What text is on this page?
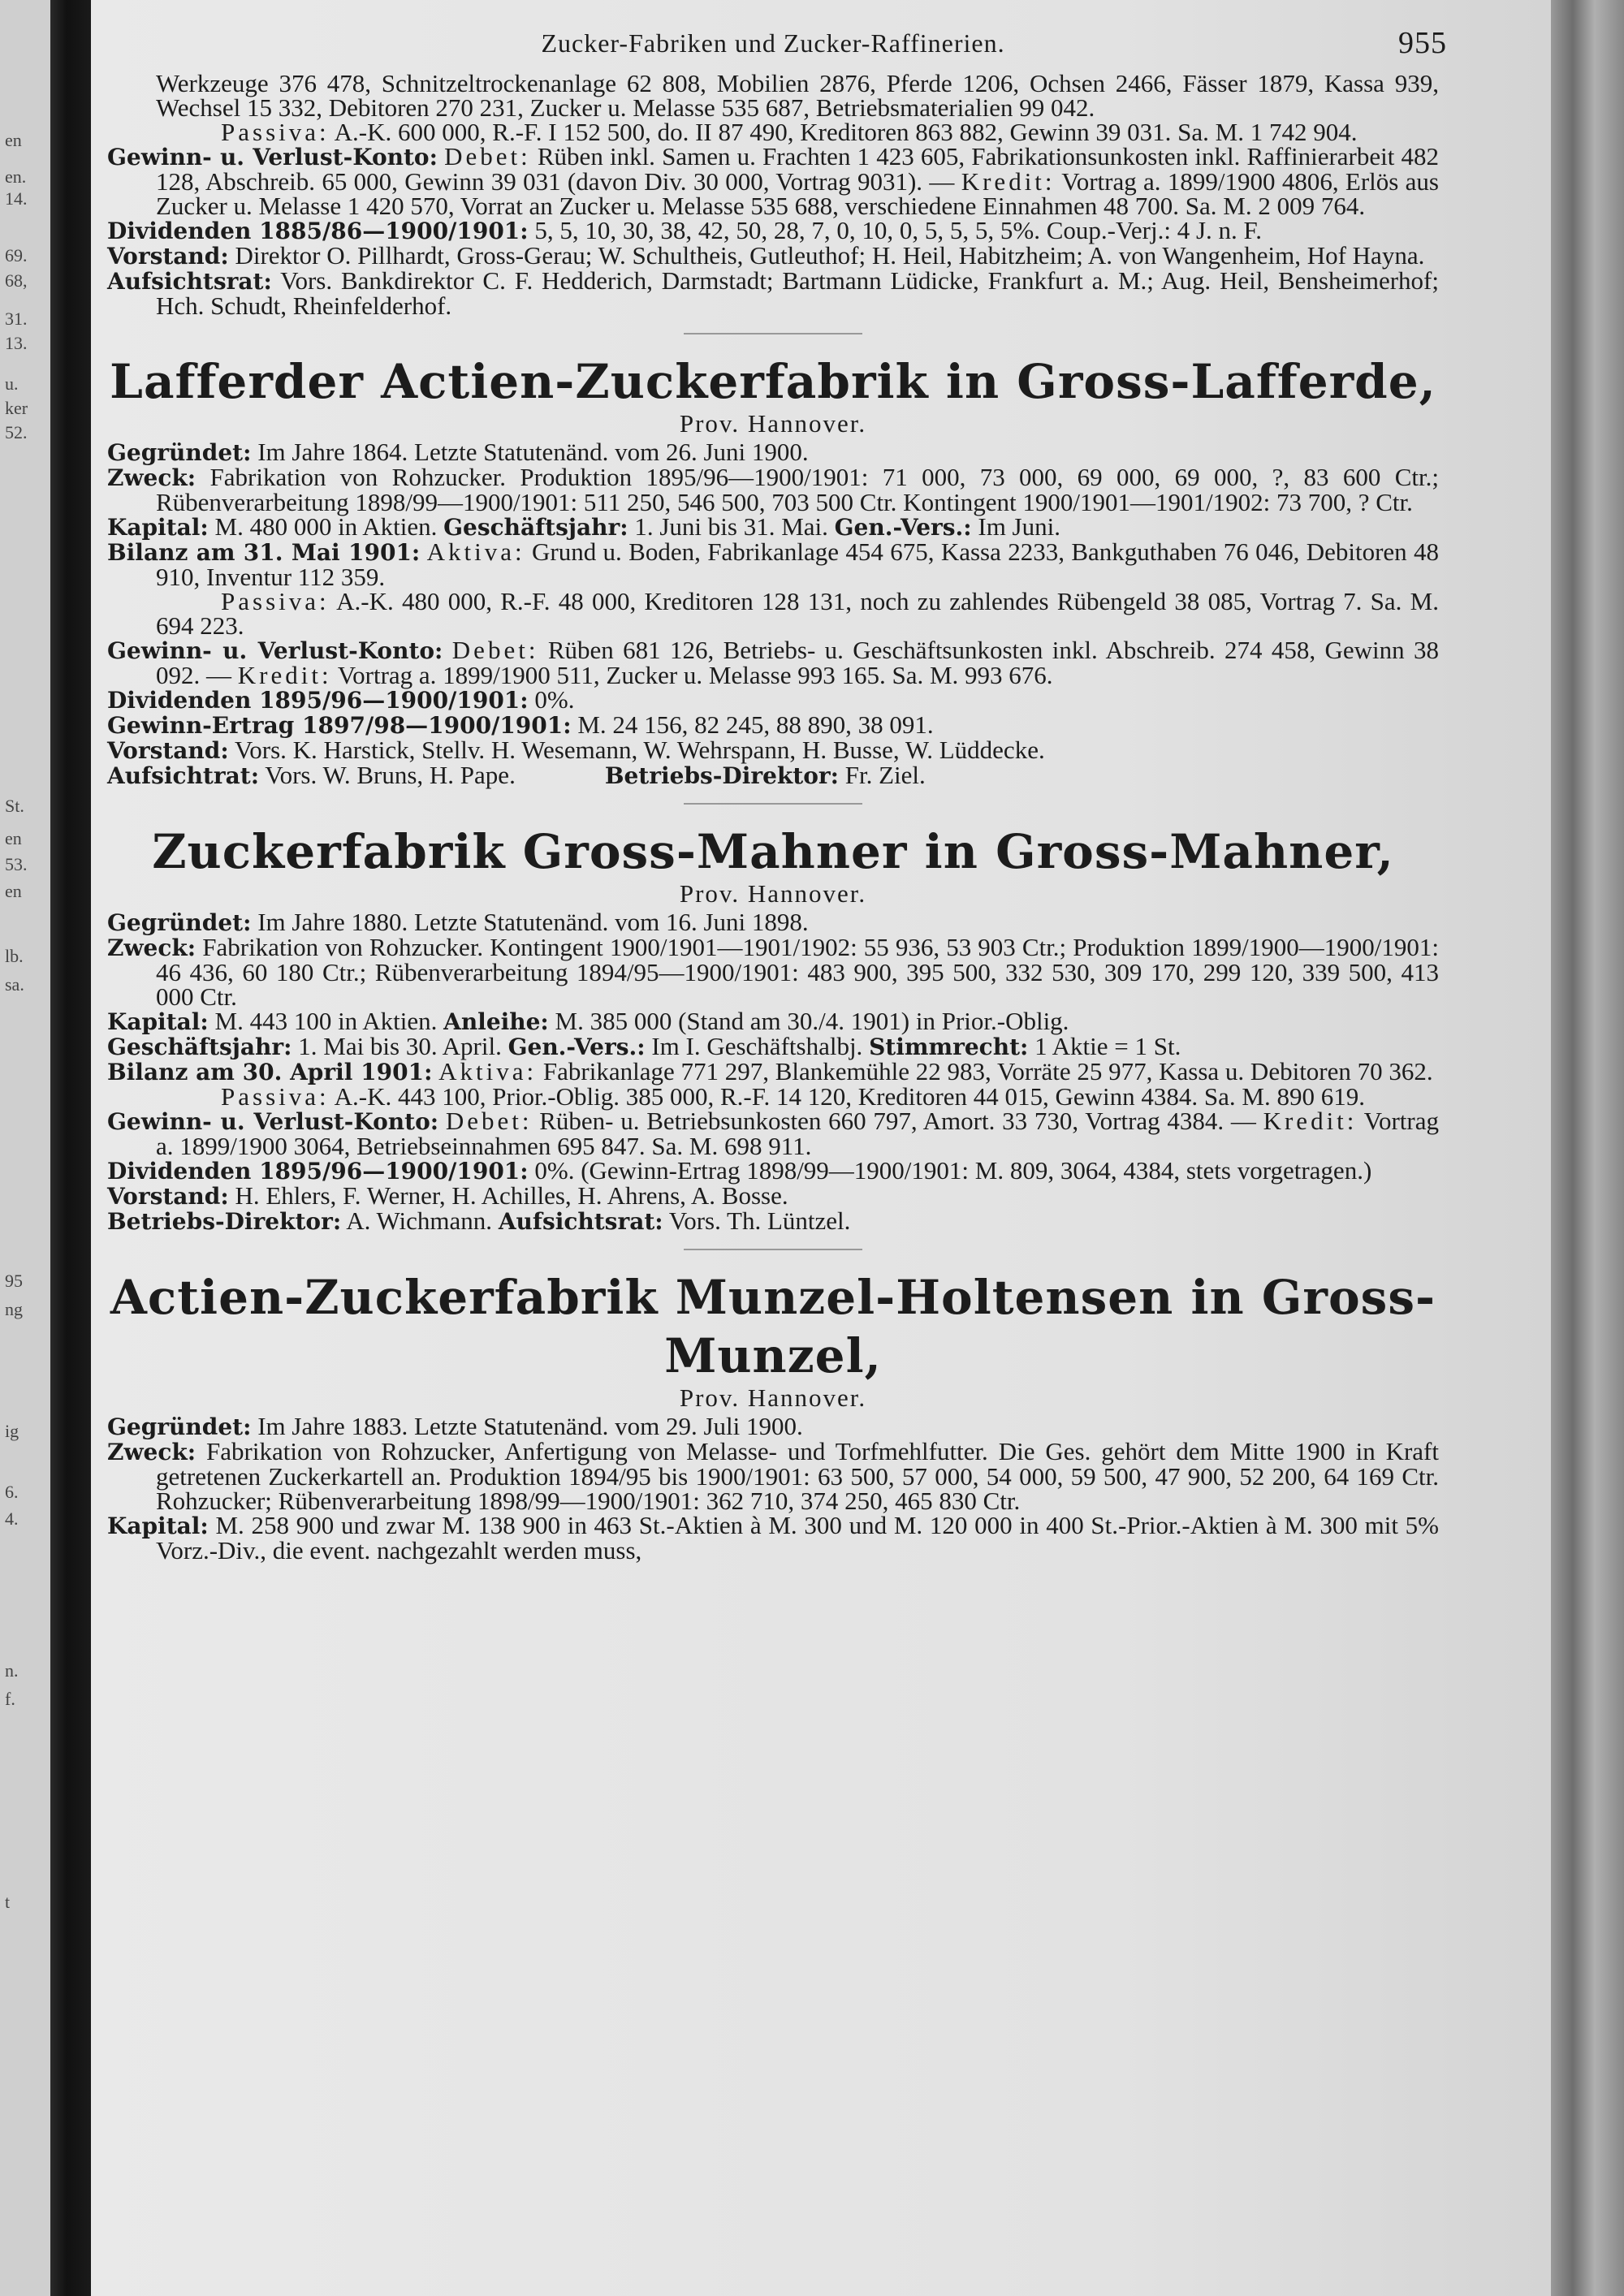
en
en.
14.
69.
68,
31.
13.
u.
ker
52.
St.
en
53.
en
lb.
sa.
95
ng
ig
6.
4.
n.
f.
t
Zucker-Fabriken und Zucker-Raffinerien.	955

Werkzeuge 376 478, Schnitzeltrockenanlage 62 808, Mobilien 2876, Pferde 1206, Ochsen 2466, Fässer 1879, Kassa 939, Wechsel 15 332, Debitoren 270 231, Zucker u. Melasse 535 687, Betriebsmaterialien 99 042.

Passiva: A.-K. 600 000, R.-F. I 152 500, do. II 87 490, Kreditoren 863 882, Gewinn 39 031. Sa. M. 1 742 904.

Gewinn- u. Verlust-Konto: Debet: Rüben inkl. Samen u. Frachten 1 423 605, Fabrikationsunkosten inkl. Raffinierarbeit 482 128, Abschreib. 65 000, Gewinn 39 031 (davon Div. 30 000, Vortrag 9031). — Kredit: Vortrag a. 1899/1900 4806, Erlös aus Zucker u. Melasse 1 420 570, Vorrat an Zucker u. Melasse 535 688, verschiedene Einnahmen 48 700. Sa. M. 2 009 764.

Dividenden 1885/86—1900/1901: 5, 5, 10, 30, 38, 42, 50, 28, 7, 0, 10, 0, 5, 5, 5, 5%. Coup.-Verj.: 4 J. n. F.

Vorstand: Direktor O. Pillhardt, Gross-Gerau; W. Schultheis, Gutleuthof; H. Heil, Habitzheim; A. von Wangenheim, Hof Hayna.

Aufsichtsrat: Vors. Bankdirektor C. F. Hedderich, Darmstadt; Bartmann Lüdicke, Frankfurt a. M.; Aug. Heil, Bensheimerhof; Hch. Schudt, Rheinfelderhof.

Lafferder Actien-Zuckerfabrik in Gross-Lafferde,
Prov. Hannover.

Gegründet: Im Jahre 1864. Letzte Statutenänd. vom 26. Juni 1900.

Zweck: Fabrikation von Rohzucker. Produktion 1895/96—1900/1901: 71 000, 73 000, 69 000, 69 000, ?, 83 600 Ctr.; Rübenverarbeitung 1898/99—1900/1901: 511 250, 546 500, 703 500 Ctr. Kontingent 1900/1901—1901/1902: 73 700, ? Ctr.

Kapital: M. 480 000 in Aktien. Geschäftsjahr: 1. Juni bis 31. Mai. Gen.-Vers.: Im Juni.

Bilanz am 31. Mai 1901: Aktiva: Grund u. Boden, Fabrikanlage 454 675, Kassa 2233, Bankguthaben 76 046, Debitoren 48 910, Inventur 112 359.

Passiva: A.-K. 480 000, R.-F. 48 000, Kreditoren 128 131, noch zu zahlendes Rübengeld 38 085, Vortrag 7. Sa. M. 694 223.

Gewinn- u. Verlust-Konto: Debet: Rüben 681 126, Betriebs- u. Geschäftsunkosten inkl. Abschreib. 274 458, Gewinn 38 092. — Kredit: Vortrag a. 1899/1900 511, Zucker u. Melasse 993 165. Sa. M. 993 676.

Dividenden 1895/96—1900/1901: 0%.

Gewinn-Ertrag 1897/98—1900/1901: M. 24 156, 82 245, 88 890, 38 091.

Vorstand: Vors. K. Harstick, Stellv. H. Wesemann, W. Wehrspann, H. Busse, W. Lüddecke.

Aufsichtrat: Vors. W. Bruns, H. Pape.	Betriebs-Direktor: Fr. Ziel.

Zuckerfabrik Gross-Mahner in Gross-Mahner,
Prov. Hannover.

Gegründet: Im Jahre 1880. Letzte Statutenänd. vom 16. Juni 1898.

Zweck: Fabrikation von Rohzucker. Kontingent 1900/1901—1901/1902: 55 936, 53 903 Ctr.; Produktion 1899/1900—1900/1901: 46 436, 60 180 Ctr.; Rübenverarbeitung 1894/95—1900/1901: 483 900, 395 500, 332 530, 309 170, 299 120, 339 500, 413 000 Ctr.

Kapital: M. 443 100 in Aktien. Anleihe: M. 385 000 (Stand am 30./4. 1901) in Prior.-Oblig.

Geschäftsjahr: 1. Mai bis 30. April. Gen.-Vers.: Im I. Geschäftshalbj. Stimmrecht: 1 Aktie = 1 St.

Bilanz am 30. April 1901: Aktiva: Fabrikanlage 771 297, Blankemühle 22 983, Vorräte 25 977, Kassa u. Debitoren 70 362.

Passiva: A.-K. 443 100, Prior.-Oblig. 385 000, R.-F. 14 120, Kreditoren 44 015, Gewinn 4384. Sa. M. 890 619.

Gewinn- u. Verlust-Konto: Debet: Rüben- u. Betriebsunkosten 660 797, Amort. 33 730, Vortrag 4384. — Kredit: Vortrag a. 1899/1900 3064, Betriebseinnahmen 695 847. Sa. M. 698 911.

Dividenden 1895/96—1900/1901: 0%. (Gewinn-Ertrag 1898/99—1900/1901: M. 809, 3064, 4384, stets vorgetragen.)

Vorstand: H. Ehlers, F. Werner, H. Achilles, H. Ahrens, A. Bosse.

Betriebs-Direktor: A. Wichmann. Aufsichtsrat: Vors. Th. Lüntzel.

Actien-Zuckerfabrik Munzel-Holtensen in Gross-Munzel,
Prov. Hannover.

Gegründet: Im Jahre 1883. Letzte Statutenänd. vom 29. Juli 1900.

Zweck: Fabrikation von Rohzucker, Anfertigung von Melasse- und Torfmehlfutter. Die Ges. gehört dem Mitte 1900 in Kraft getretenen Zuckerkartell an. Produktion 1894/95 bis 1900/1901: 63 500, 57 000, 54 000, 59 500, 47 900, 52 200, 64 169 Ctr. Rohzucker; Rübenverarbeitung 1898/99—1900/1901: 362 710, 374 250, 465 830 Ctr.

Kapital: M. 258 900 und zwar M. 138 900 in 463 St.-Aktien à M. 300 und M. 120 000 in 400 St.-Prior.-Aktien à M. 300 mit 5% Vorz.-Div., die event. nachgezahlt werden muss,
